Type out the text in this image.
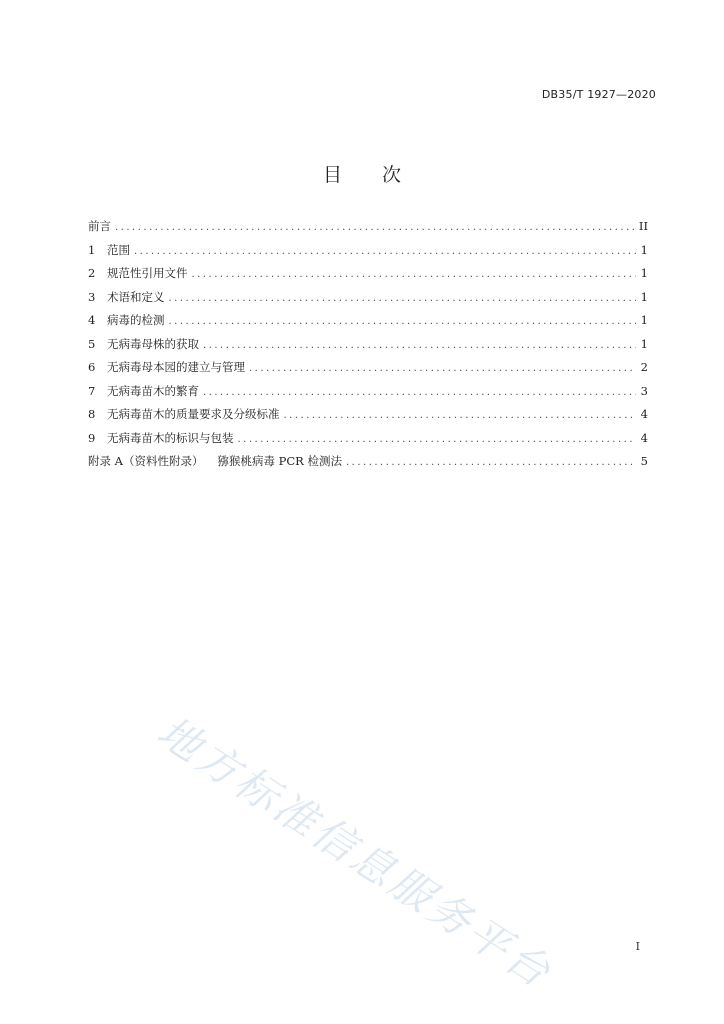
DB35/T 1927—2020
目 次
前言 .....	II
1	范围 .....	1
2	规范性引用文件 .....	1
3	术语和定义 .....	1
4	病毒的检测 .....	1
5	无病毒母株的获取 .....	1
6	无病毒母本园的建立与管理 .....	2
7	无病毒苗木的繁育 .....	3
8	无病毒苗木的质量要求及分级标准 .....	4
9	无病毒苗木的标识与包装 .....	4
附录 A（资料性附录） 猕猴桃病毒 PCR 检测法 .....	5
地方标准信息服务平台	I
